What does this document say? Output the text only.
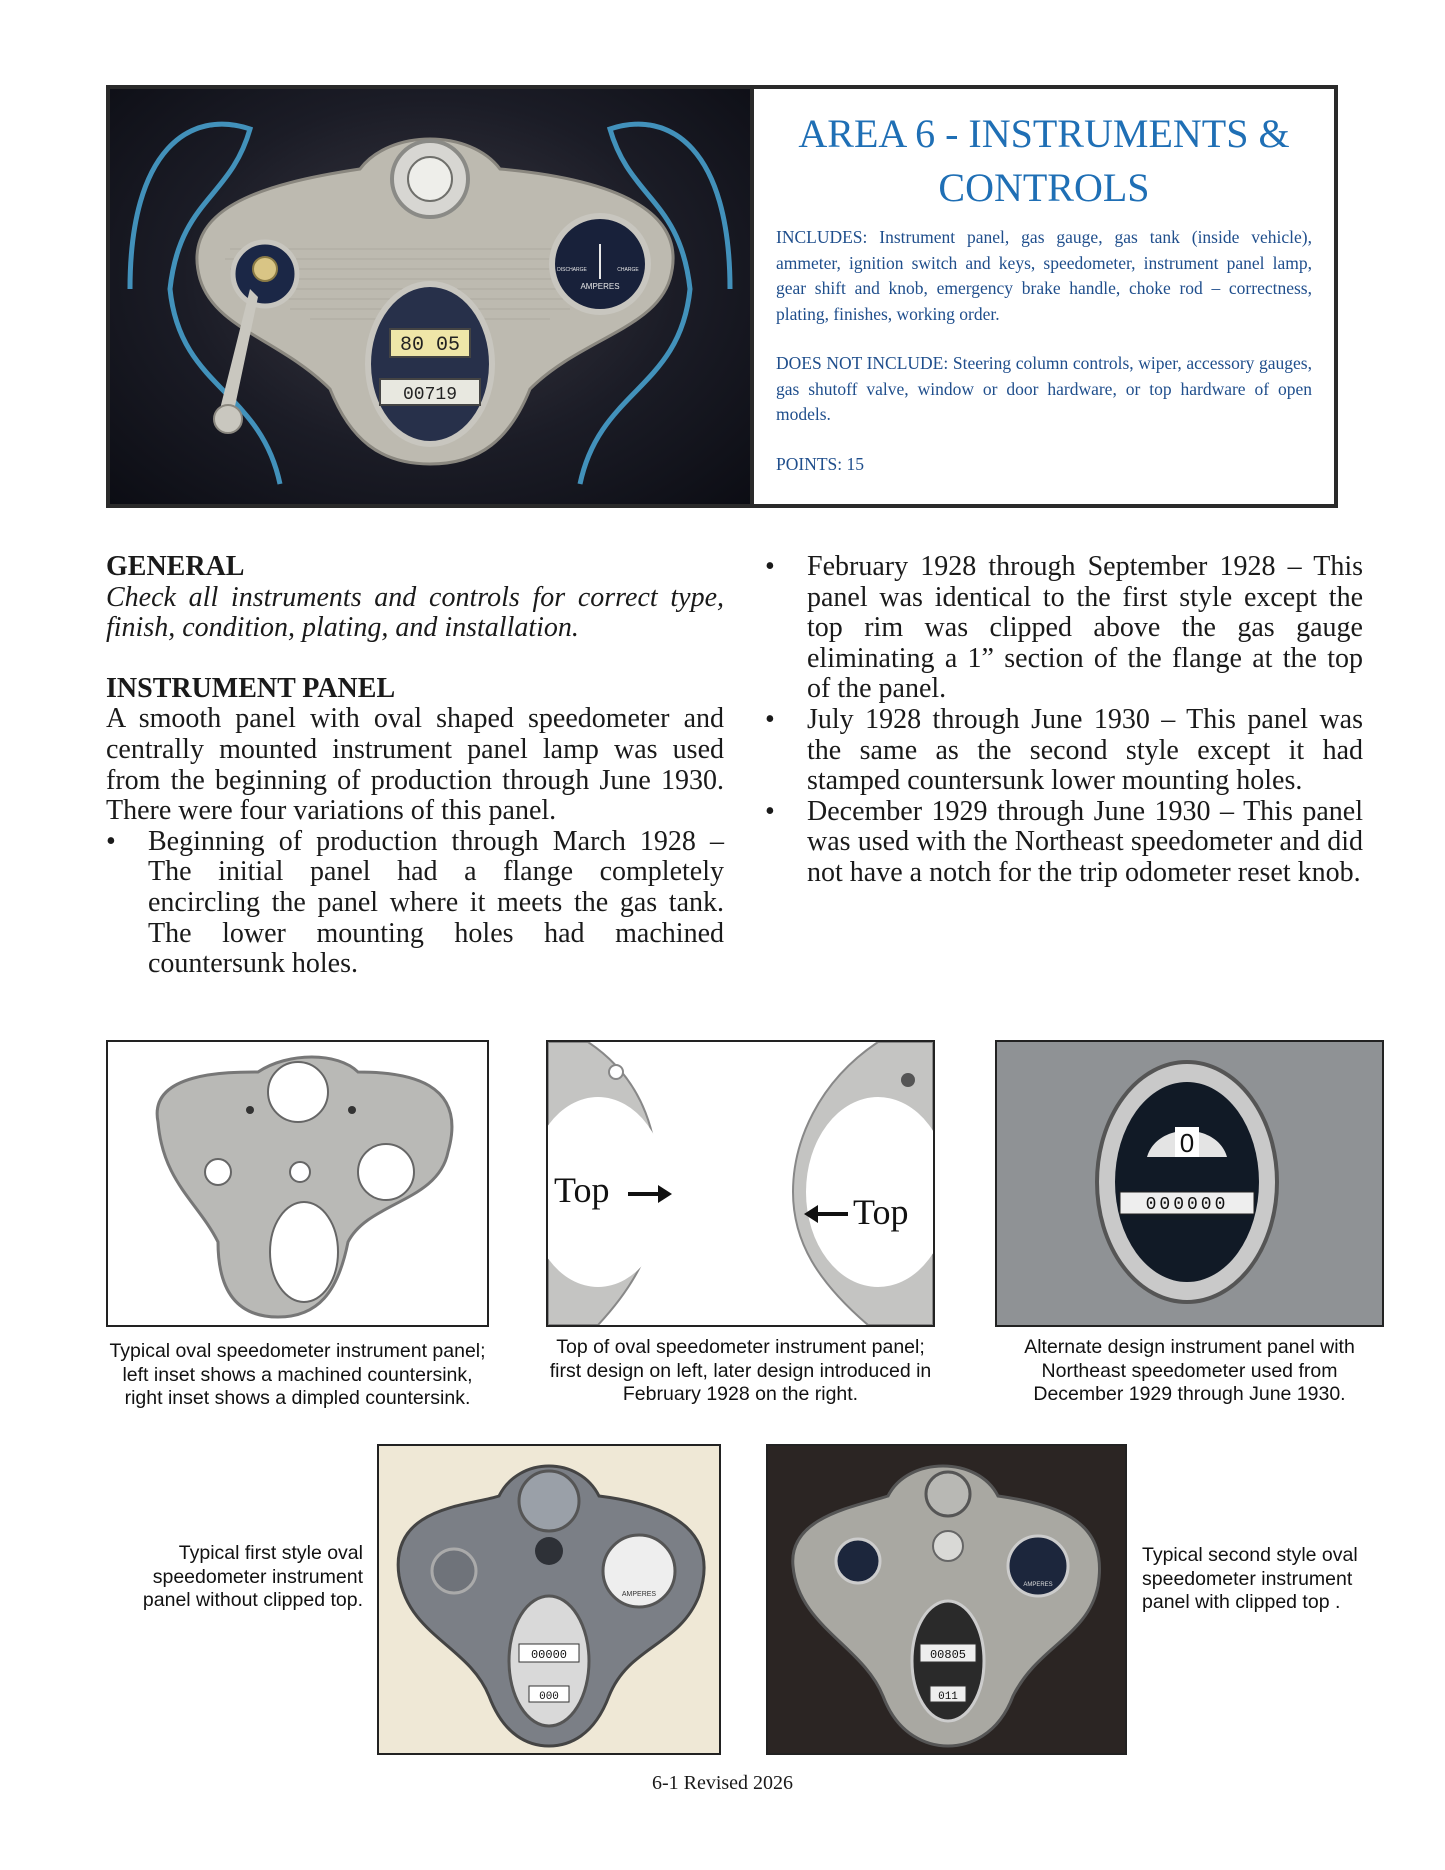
AMPERES
DISCHARGE	CHARGE
80 05
00719
AREA 6 - INSTRUMENTS &
CONTROLS

INCLUDES: Instrument panel, gas gauge, gas tank (inside vehicle), ammeter, ignition switch and keys, speedometer, instrument panel lamp, gear shift and knob, emergency brake handle, choke rod – correctness, plating, finishes, working order.

DOES NOT INCLUDE: Steering column controls, wiper, accessory gauges, gas shutoff valve, window or door hardware, or top hardware of open models.

POINTS: 15

GENERAL
Check all instruments and controls for correct type, finish, condition, plating, and installation.
INSTRUMENT PANEL
A smooth panel with oval shaped speedometer and centrally mounted instrument panel lamp was used from the beginning of production through June 1930. There were four variations of this panel.
• Beginning of production through March 1928 – The initial panel had a flange completely encircling the panel where it meets the gas tank. The lower mounting holes had machined countersunk holes.
• February 1928 through September 1928 – This panel was identical to the first style except the top rim was clipped above the gas gauge eliminating a 1” section of the flange at the top of the panel.
• July 1928 through June 1930 – This panel was the same as the second style except it had stamped countersunk lower mounting holes.
• December 1929 through June 1930 – This panel was used with the Northeast speedometer and did not have a notch for the trip odometer reset knob.
Typical oval speedometer instrument panel; left inset shows a machined countersink, right inset shows a dimpled countersink.
Top
Top
Top of oval speedometer instrument panel; first design on left, later design introduced in February 1928 on the right.
0
000000
Alternate design instrument panel with Northeast speedometer used from December 1929 through June 1930.
Typical first style oval speedometer instrument panel without clipped top.	AMPERES
00000
000
AMPERES
00805
011
Typical second style oval speedometer instrument panel with clipped top .
6-1 Revised 2026
